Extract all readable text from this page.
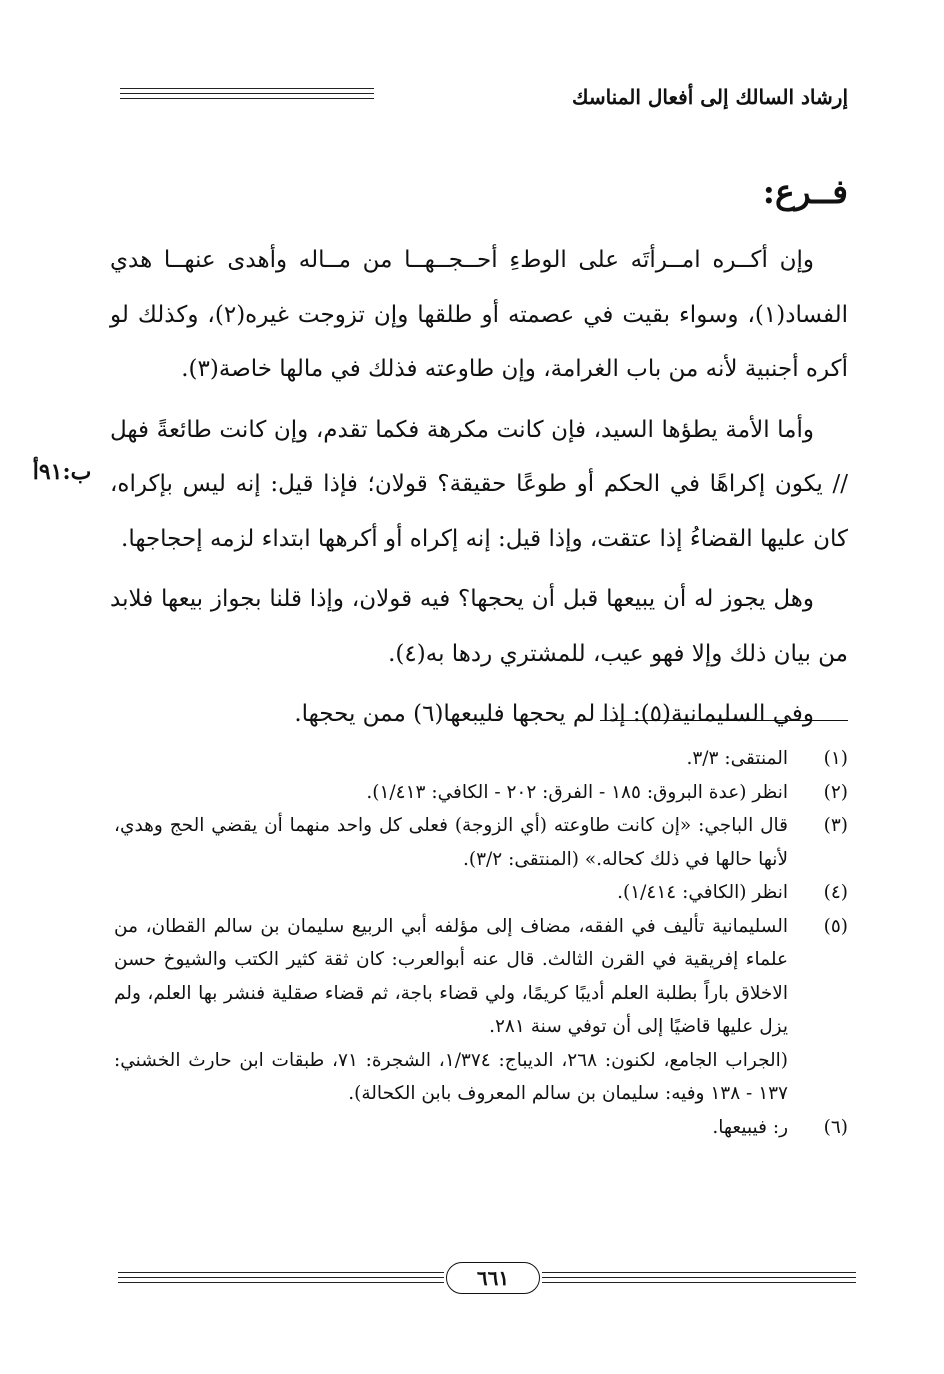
إرشاد السالك إلى أفعال المناسك
فــرع:
ب:٩١أ

وإن أكــره امــرأتَه على الوطءِ أحــجــهــا من مــاله وأهدى عنهــا هدي الفساد(١)، وسواء بقيت في عصمته أو طلقها وإن تزوجت غيره(٢)، وكذلك لو أكره أجنبية لأنه من باب الغرامة، وإن طاوعته فذلك في مالها خاصة(٣).

وأما الأمة يطؤها السيد، فإن كانت مكرهة فكما تقدم، وإن كانت طائعةً فهل // يكون إكراهًا في الحكم أو طوعًا حقيقة؟ قولان؛ فإذا قيل: إنه ليس بإكراه، كان عليها القضاءُ إذا عتقت، وإذا قيل: إنه إكراه أو أكرهها ابتداء لزمه إحجاجها.

وهل يجوز له أن يبيعها قبل أن يحجها؟ فيه قولان، وإذا قلنا بجواز بيعها فلابد من بيان ذلك وإلا فهو عيب، للمشتري ردها به(٤).

وفي السليمانية(٥): إذا لم يحجها فليبعها(٦) ممن يحجها.

(١)
المنتقى: ٣/٣.
(٢)
انظر (عدة البروق: ١٨٥ - الفرق: ٢٠٢ - الكافي: ١/٤١٣).
(٣)
قال الباجي: «إن كانت طاوعته (أي الزوجة) فعلى كل واحد منهما أن يقضي الحج وهدي، لأنها حالها في ذلك كحاله.» (المنتقى: ٣/٢).
(٤)
انظر (الكافي: ١/٤١٤).
(٥)
السليمانية تأليف في الفقه، مضاف إلى مؤلفه أبي الربيع سليمان بن سالم القطان، من علماء إفريقية في القرن الثالث. قال عنه أبوالعرب: كان ثقة كثير الكتب والشيوخ حسن الاخلاق باراً بطلبة العلم أديبًا كريمًا، ولي قضاء باجة، ثم قضاء صقلية فنشر بها العلم، ولم يزل عليها قاضيًا إلى أن توفي سنة ٢٨١.
(الجراب الجامع، لكنون: ٢٦٨، الديباج: ١/٣٧٤، الشجرة: ٧١، طبقات ابن حارث الخشني: ١٣٧ - ١٣٨ وفيه: سليمان بن سالم المعروف بابن الكحالة).
(٦)
ر: فيبيعها.
٦٦١
